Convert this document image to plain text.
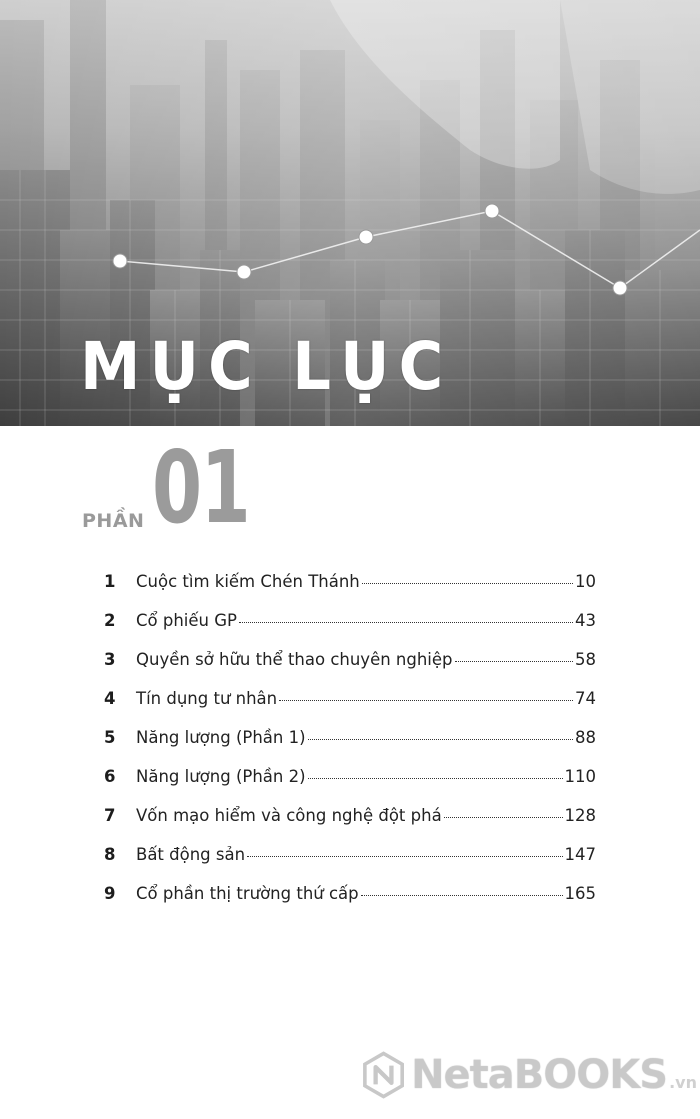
MỤC LỤC
PHẦN 01
1	Cuộc tìm kiếm Chén Thánh	10
2	Cổ phiếu GP	43
3	Quyền sở hữu thể thao chuyên nghiệp	58
4	Tín dụng tư nhân	74
5	Năng lượng (Phần 1)	88
6	Năng lượng (Phần 2)	110
7	Vốn mạo hiểm và công nghệ đột phá	128
8	Bất động sản	147
9	Cổ phần thị trường thứ cấp	165
NetaBOOKS .vn
